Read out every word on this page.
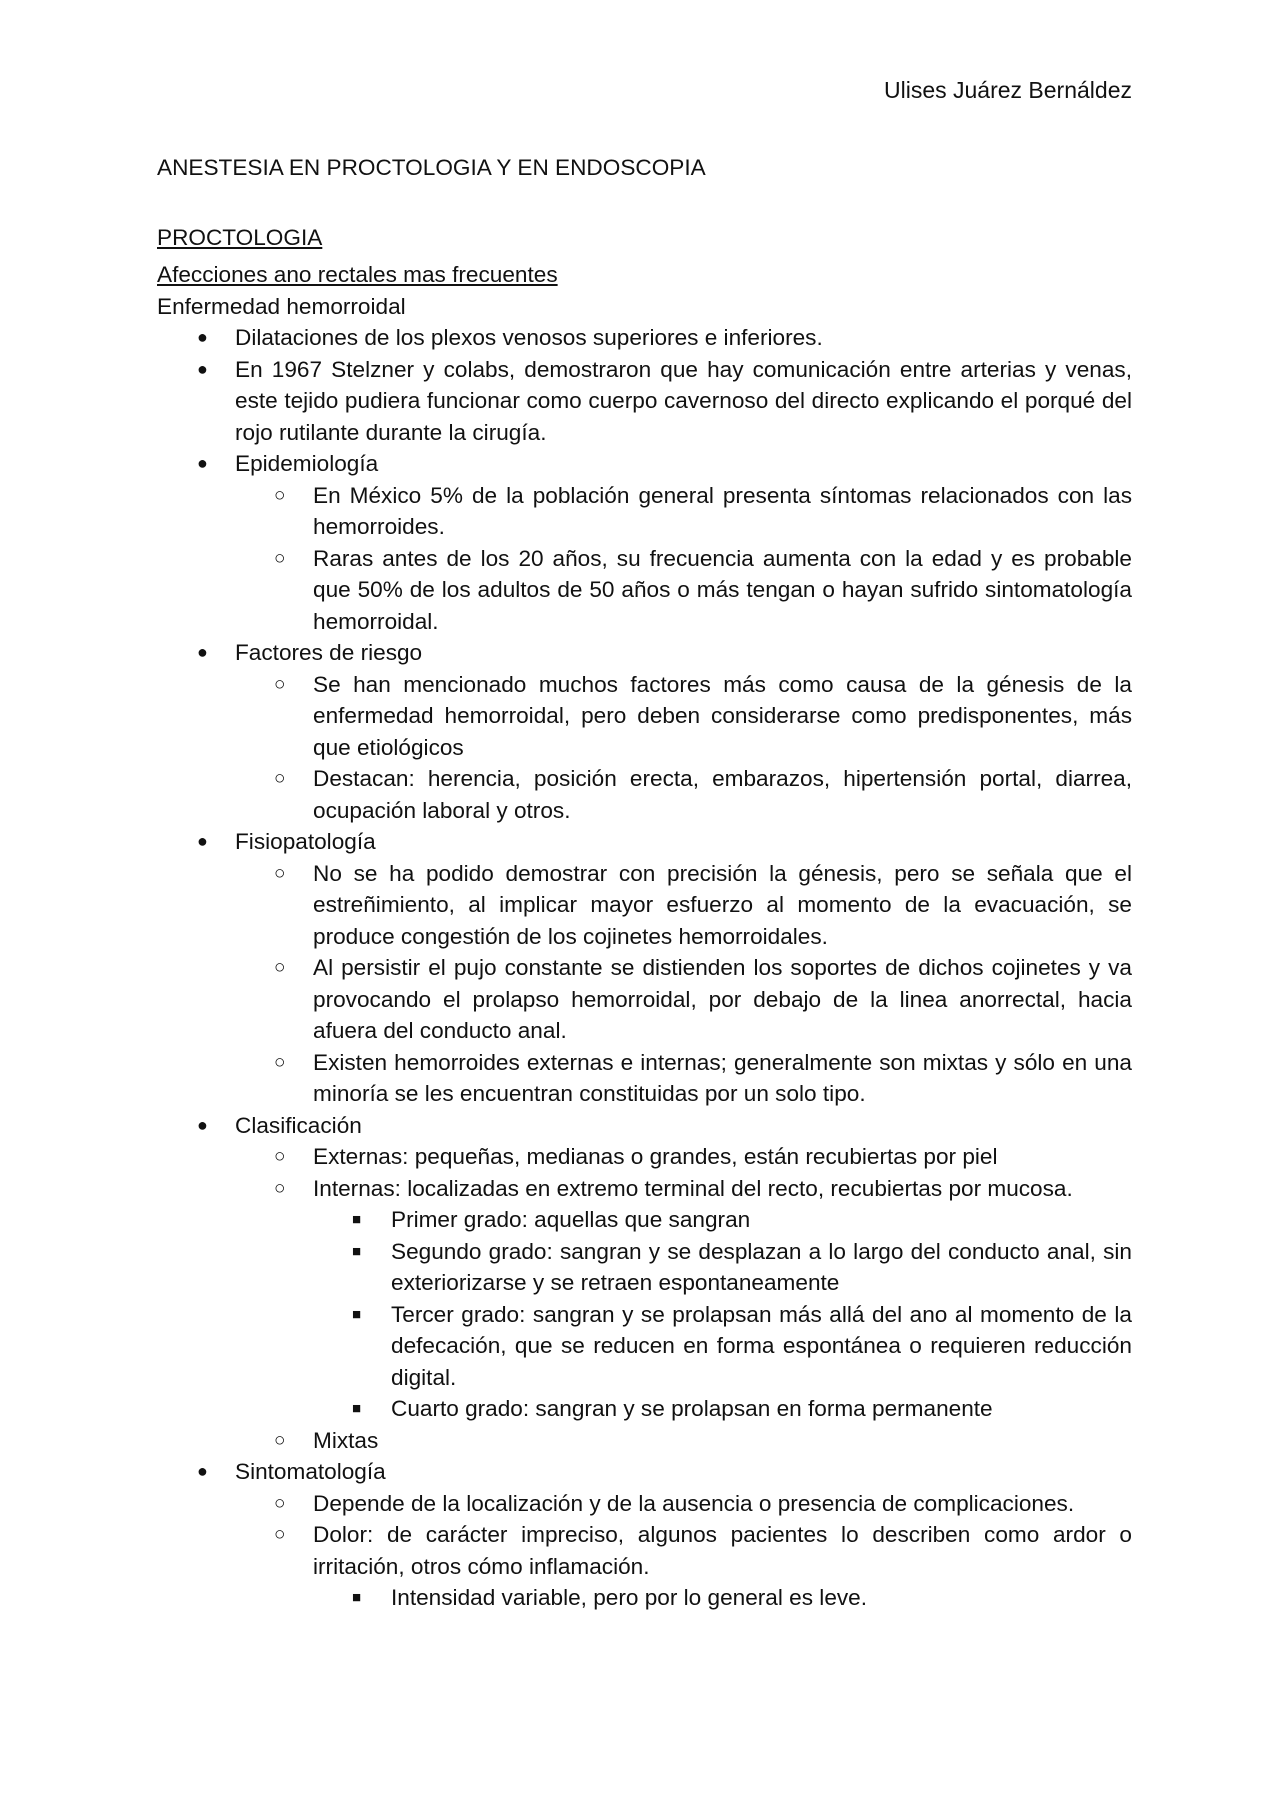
Ulises Juárez Bernáldez
ANESTESIA EN PROCTOLOGIA Y EN ENDOSCOPIA
PROCTOLOGIA
Afecciones ano rectales mas frecuentes
Enfermedad hemorroidal
● Dilataciones de los plexos venosos superiores e inferiores.
● En 1967 Stelzner y colabs, demostraron que hay comunicación entre arterias y venas, este tejido pudiera funcionar como cuerpo cavernoso del directo explicando el porqué del rojo rutilante durante la cirugía.
● Epidemiología
○ En México 5% de la población general presenta síntomas relacionados con las hemorroides.
○ Raras antes de los 20 años, su frecuencia aumenta con la edad y es probable que 50% de los adultos de 50 años o más tengan o hayan sufrido sintomatología hemorroidal.
● Factores de riesgo
○ Se han mencionado muchos factores más como causa de la génesis de la enfermedad hemorroidal, pero deben considerarse como predisponentes, más que etiológicos
○ Destacan: herencia, posición erecta, embarazos, hipertensión portal, diarrea, ocupación laboral y otros.
● Fisiopatología
○ No se ha podido demostrar con precisión la génesis, pero se señala que el estreñimiento, al implicar mayor esfuerzo al momento de la evacuación, se produce congestión de los cojinetes hemorroidales.
○ Al persistir el pujo constante se distienden los soportes de dichos cojinetes y va provocando el prolapso hemorroidal, por debajo de la linea anorrectal, hacia afuera del conducto anal.
○ Existen hemorroides externas e internas; generalmente son mixtas y sólo en una minoría se les encuentran constituidas por un solo tipo.
● Clasificación
○ Externas: pequeñas, medianas o grandes, están recubiertas por piel
○ Internas: localizadas en extremo terminal del recto, recubiertas por mucosa.
■ Primer grado: aquellas que sangran
■ Segundo grado: sangran y se desplazan a lo largo del conducto anal, sin exteriorizarse y se retraen espontaneamente
■ Tercer grado: sangran y se prolapsan más allá del ano al momento de la defecación, que se reducen en forma espontánea o requieren reducción digital.
■ Cuarto grado: sangran y se prolapsan en forma permanente
○ Mixtas
● Sintomatología
○ Depende de la localización y de la ausencia o presencia de complicaciones.
○ Dolor: de carácter impreciso, algunos pacientes lo describen como ardor o irritación, otros cómo inflamación.
■ Intensidad variable, pero por lo general es leve.
